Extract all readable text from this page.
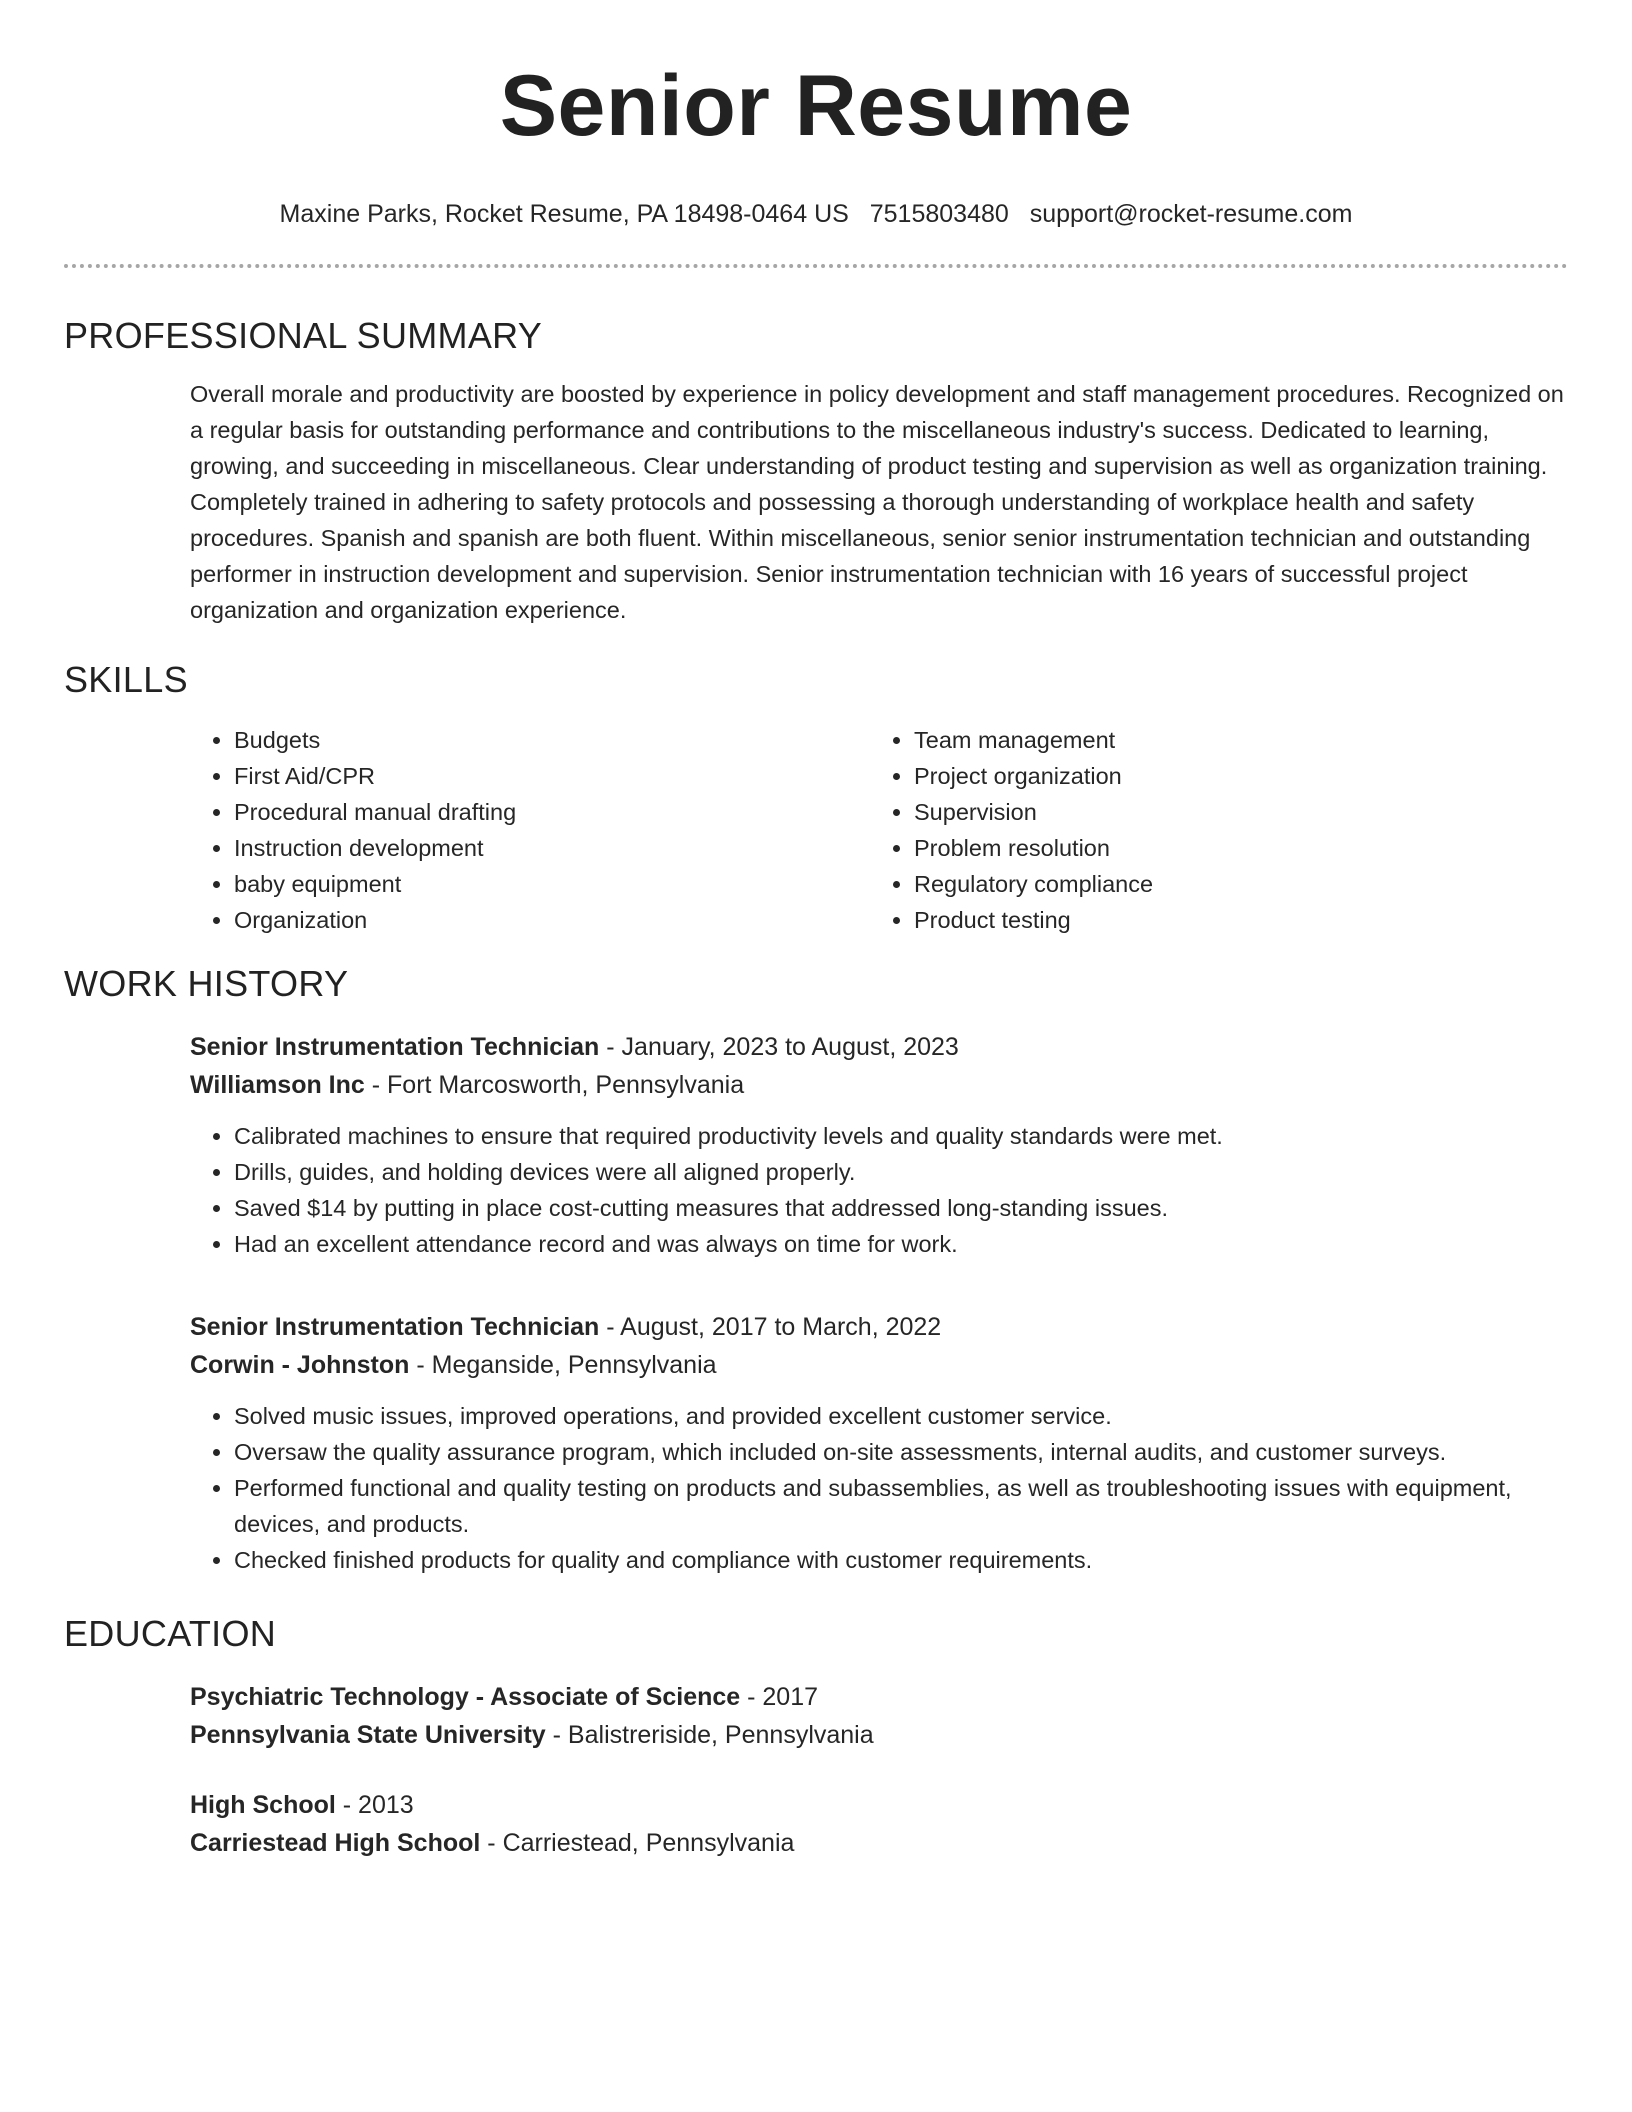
Senior Resume
Maxine Parks, Rocket Resume, PA 18498-0464 US 7515803480 support@rocket-resume.com
PROFESSIONAL SUMMARY
Overall morale and productivity are boosted by experience in policy development and staff management procedures. Recognized on a regular basis for outstanding performance and contributions to the miscellaneous industry's success. Dedicated to learning, growing, and succeeding in miscellaneous. Clear understanding of product testing and supervision as well as organization training. Completely trained in adhering to safety protocols and possessing a thorough understanding of workplace health and safety procedures. Spanish and spanish are both fluent. Within miscellaneous, senior senior instrumentation technician and outstanding performer in instruction development and supervision. Senior instrumentation technician with 16 years of successful project organization and organization experience.
SKILLS
• Budgets
• First Aid/CPR
• Procedural manual drafting
• Instruction development
• baby equipment
• Organization
• Team management
• Project organization
• Supervision
• Problem resolution
• Regulatory compliance
• Product testing
WORK HISTORY
Senior Instrumentation Technician - January, 2023 to August, 2023
Williamson Inc - Fort Marcosworth, Pennsylvania
• Calibrated machines to ensure that required productivity levels and quality standards were met.
• Drills, guides, and holding devices were all aligned properly.
• Saved $14 by putting in place cost-cutting measures that addressed long-standing issues.
• Had an excellent attendance record and was always on time for work.
Senior Instrumentation Technician - August, 2017 to March, 2022
Corwin - Johnston - Meganside, Pennsylvania
• Solved music issues, improved operations, and provided excellent customer service.
• Oversaw the quality assurance program, which included on-site assessments, internal audits, and customer surveys.
• Performed functional and quality testing on products and subassemblies, as well as troubleshooting issues with equipment, devices, and products.
• Checked finished products for quality and compliance with customer requirements.
EDUCATION
Psychiatric Technology - Associate of Science - 2017
Pennsylvania State University - Balistreriside, Pennsylvania
High School - 2013
Carriestead High School - Carriestead, Pennsylvania
